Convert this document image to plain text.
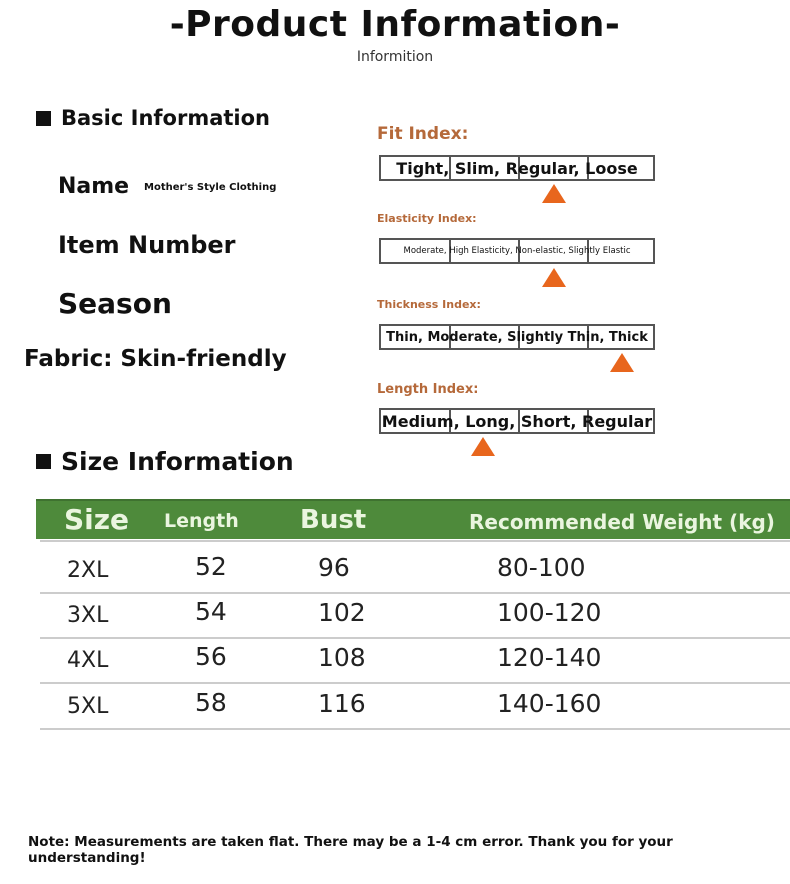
-Product Information-
Informition
Basic Information
Name Mother's Style Clothing
Item Number
Season
Fabric: Skin-friendly
Fit Index:
Tight, Slim, Regular, Loose
Elasticity Index:
Moderate, High Elasticity, Non-elastic, Slightly Elastic
Thickness Index:
Thin, Moderate, Slightly Thin, Thick
Length Index:
Medium, Long, Short, Regular
Size Information
Size Length Bust	Recommended Weight (kg)
2XL	52	96	80-100
3XL	54	102	100-120
4XL	56	108	120-140
5XL	58	116	140-160
Note: Measurements are taken flat. There may be a 1-4 cm error. Thank you for your understanding!
